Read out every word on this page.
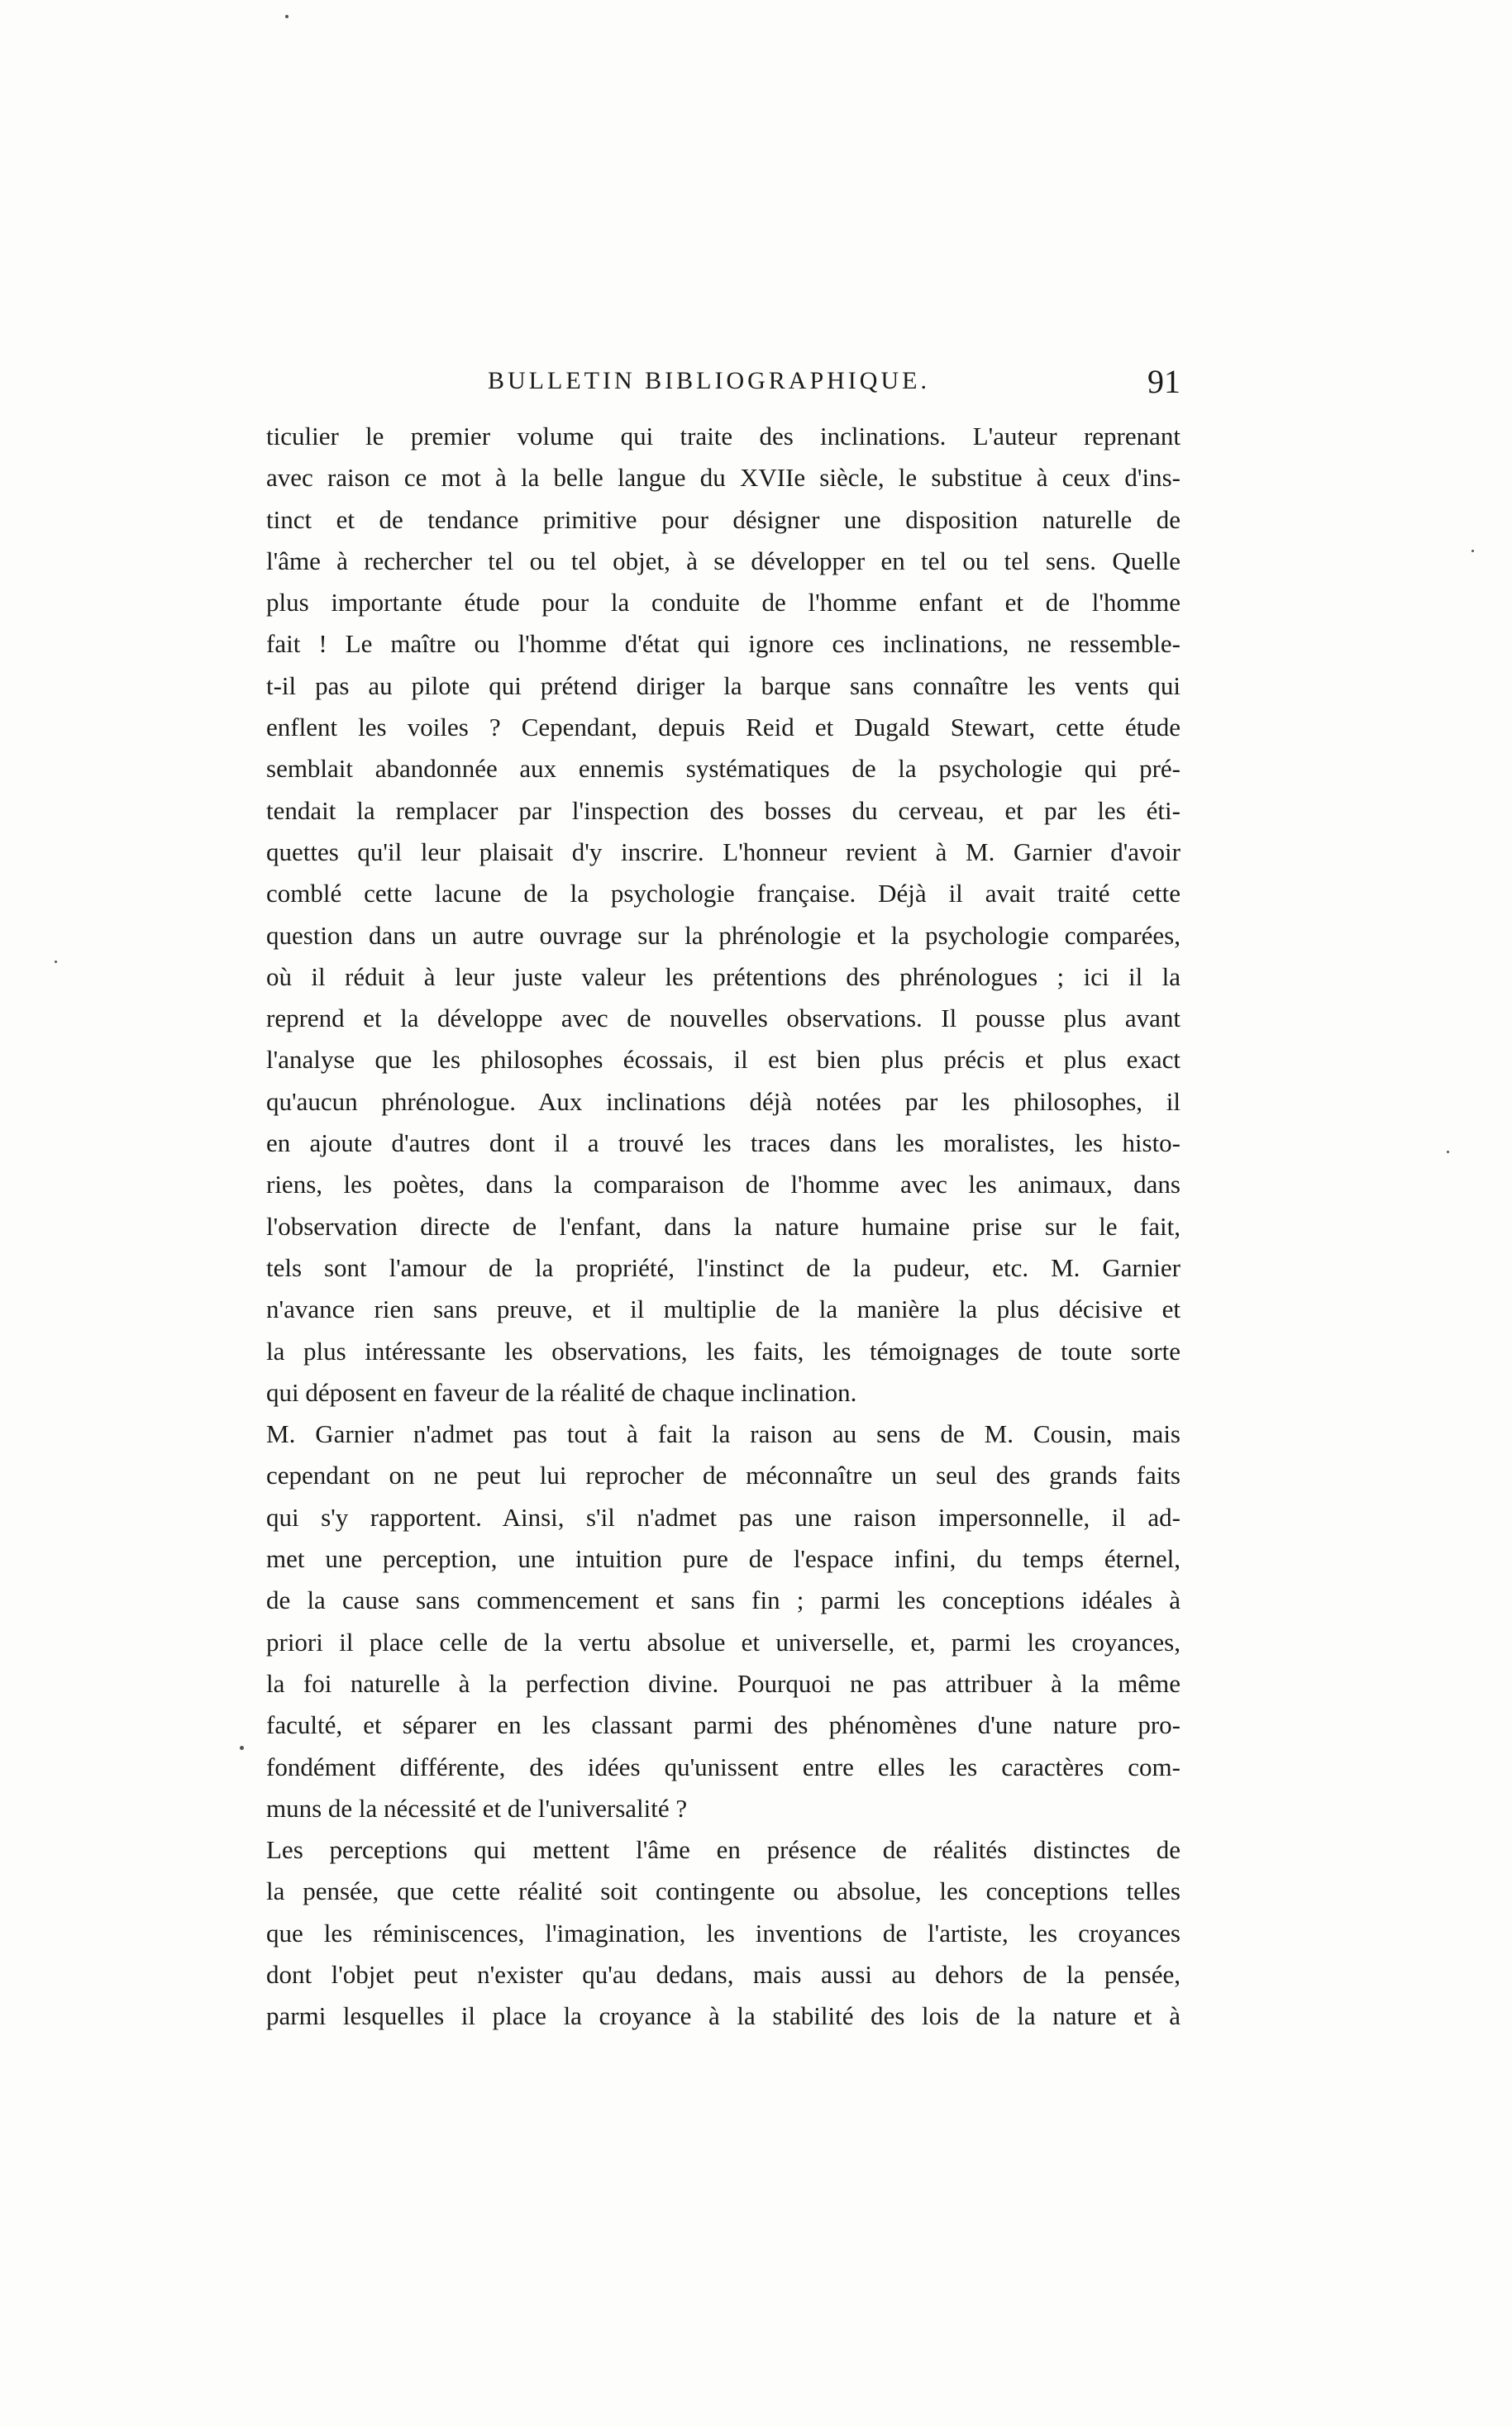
BULLETIN BIBLIOGRAPHIQUE.	91
ticulier le premier volume qui traite des inclinations. L'auteur reprenant
avec raison ce mot à la belle langue du XVIIe siècle, le substitue à ceux d'ins-
tinct et de tendance primitive pour désigner une disposition naturelle de
l'âme à rechercher tel ou tel objet, à se développer en tel ou tel sens. Quelle
plus importante étude pour la conduite de l'homme enfant et de l'homme
fait ! Le maître ou l'homme d'état qui ignore ces inclinations, ne ressemble-
t-il pas au pilote qui prétend diriger la barque sans connaître les vents qui
enflent les voiles ? Cependant, depuis Reid et Dugald Stewart, cette étude
semblait abandonnée aux ennemis systématiques de la psychologie qui pré-
tendait la remplacer par l'inspection des bosses du cerveau, et par les éti-
quettes qu'il leur plaisait d'y inscrire. L'honneur revient à M. Garnier d'avoir
comblé cette lacune de la psychologie française. Déjà il avait traité cette
question dans un autre ouvrage sur la phrénologie et la psychologie comparées,
où il réduit à leur juste valeur les prétentions des phrénologues ; ici il la
reprend et la développe avec de nouvelles observations. Il pousse plus avant
l'analyse que les philosophes écossais, il est bien plus précis et plus exact
qu'aucun phrénologue. Aux inclinations déjà notées par les philosophes, il
en ajoute d'autres dont il a trouvé les traces dans les moralistes, les histo-
riens, les poètes, dans la comparaison de l'homme avec les animaux, dans
l'observation directe de l'enfant, dans la nature humaine prise sur le fait,
tels sont l'amour de la propriété, l'instinct de la pudeur, etc. M. Garnier
n'avance rien sans preuve, et il multiplie de la manière la plus décisive et
la plus intéressante les observations, les faits, les témoignages de toute sorte
qui déposent en faveur de la réalité de chaque inclination.
M. Garnier n'admet pas tout à fait la raison au sens de M. Cousin, mais
cependant on ne peut lui reprocher de méconnaître un seul des grands faits
qui s'y rapportent. Ainsi, s'il n'admet pas une raison impersonnelle, il ad-
met une perception, une intuition pure de l'espace infini, du temps éternel,
de la cause sans commencement et sans fin ; parmi les conceptions idéales à
priori il place celle de la vertu absolue et universelle, et, parmi les croyances,
la foi naturelle à la perfection divine. Pourquoi ne pas attribuer à la même
faculté, et séparer en les classant parmi des phénomènes d'une nature pro-
fondément différente, des idées qu'unissent entre elles les caractères com-
muns de la nécessité et de l'universalité ?
Les perceptions qui mettent l'âme en présence de réalités distinctes de
la pensée, que cette réalité soit contingente ou absolue, les conceptions telles
que les réminiscences, l'imagination, les inventions de l'artiste, les croyances
dont l'objet peut n'exister qu'au dedans, mais aussi au dehors de la pensée,
parmi lesquelles il place la croyance à la stabilité des lois de la nature et à
